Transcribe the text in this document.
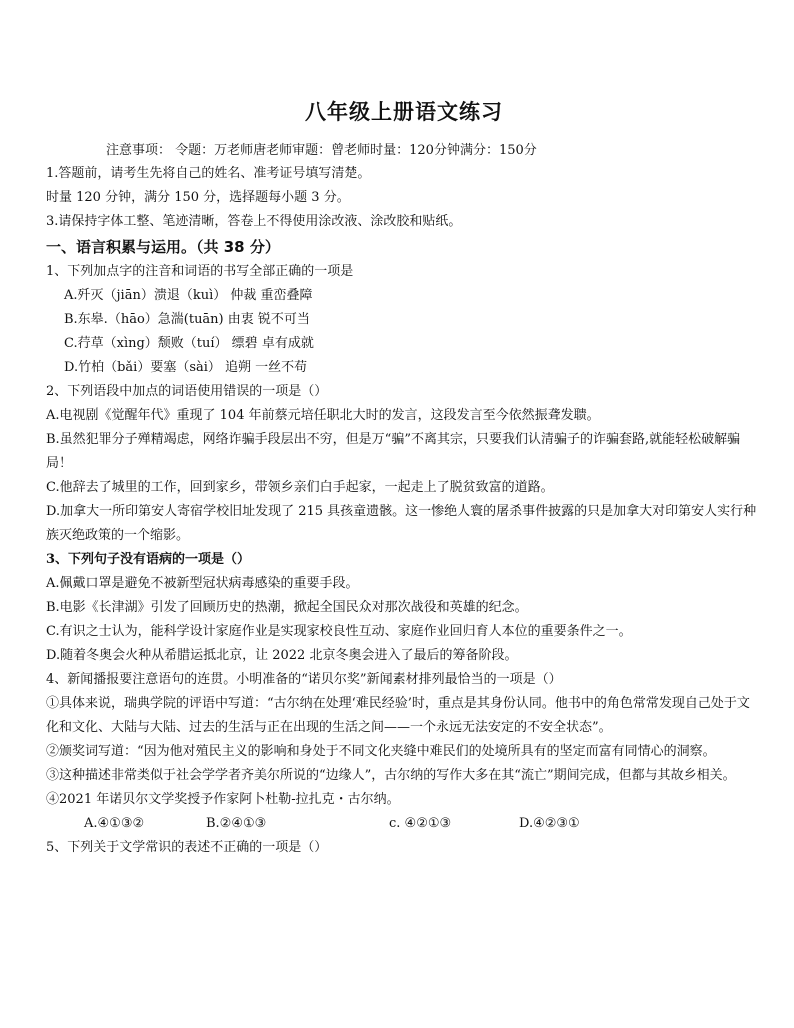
八年级上册语文练习
注意事项： 令题：万老师唐老师审题：曾老师时量：120分钟满分：150分
1.答题前，请考生先将自己的姓名、准考证号填写清楚。
时量 120 分钟，满分 150 分，选择题每小题 3 分。
3.请保持字体工整、笔迹清晰，答卷上不得使用涂改液、涂改胶和贴纸。
一、语言积累与运用。（共 38 分）
1、下列加点字的注音和词语的书写全部正确的一项是
A.歼灭（jiān）溃退（kuì） 仲裁 重峦叠障
B.东皋.（hāo）急湍(tuān) 由衷 锐不可当
C.荇草（xìng）颓败（tuí） 缥碧 卓有成就
D.竹柏（bǎi）要塞（sài） 追朔 一丝不苟
2、下列语段中加点的词语使用错误的一项是（）
A.电视剧《觉醒年代》重现了 104 年前蔡元培任职北大时的发言，这段发言至今依然振聋发聩。
B.虽然犯罪分子殚精竭虑，网络诈骗手段层出不穷，但是万“骗”不离其宗，只要我们认清骗子的诈骗套路,就能轻松破解骗局！
C.他辞去了城里的工作，回到家乡，带领乡亲们白手起家，一起走上了脱贫致富的道路。
D.加拿大一所印第安人寄宿学校旧址发现了 215 具孩童遗骸。这一惨绝人寰的屠杀事件披露的只是加拿大对印第安人实行种族灭绝政策的一个缩影。
3、下列句子没有语病的一项是（）
A.佩戴口罩是避免不被新型冠状病毒感染的重要手段。
B.电影《长津湖》引发了回顾历史的热潮，掀起全国民众对那次战役和英雄的纪念。
C.有识之士认为，能科学设计家庭作业是实现家校良性互动、家庭作业回归育人本位的重要条件之一。
D.随着冬奥会火种从希腊运抵北京，让 2022 北京冬奥会进入了最后的筹备阶段。
4、新闻播报要注意语句的连贯。小明准备的“诺贝尔奖”新闻素材排列最恰当的一项是（）
①具体来说，瑞典学院的评语中写道：“古尔纳在处理‘难民经验’时，重点是其身份认同。他书中的角色常常发现自己处于文化和文化、大陆与大陆、过去的生活与正在出现的生活之间——一个永远无法安定的不安全状态”。
②颁奖词写道：“因为他对殖民主义的影响和身处于不同文化夹缝中难民们的处境所具有的坚定而富有同情心的洞察。
③这种描述非常类似于社会学学者齐美尔所说的“边缘人”，古尔纳的写作大多在其“流亡”期间完成，但都与其故乡相关。
④2021 年诺贝尔文学奖授予作家阿卜杜勒-拉扎克・古尔纳。
A.④①③②	B.②④①③	c. ④②①③	D.④②③①
5、下列关于文学常识的表述不正确的一项是（）
